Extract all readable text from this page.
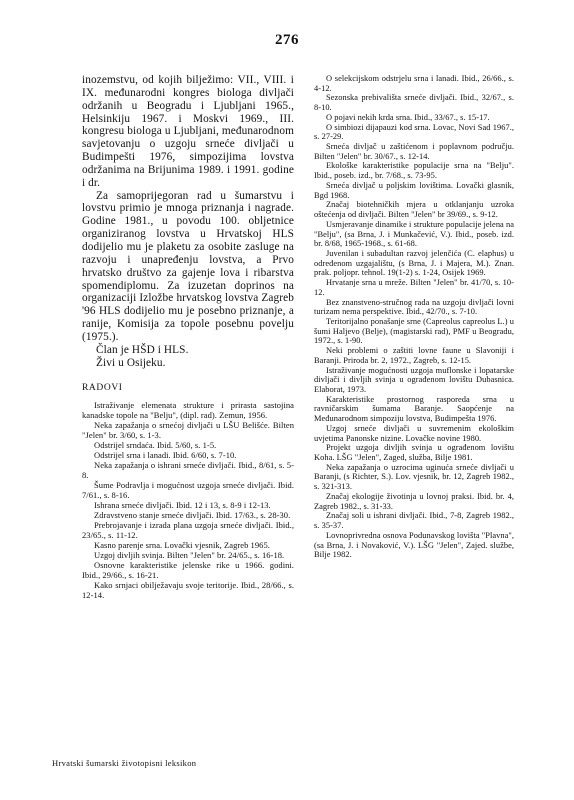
276

inozemstvu, od kojih bilježimo: VII., VIII. i IX. međunarodni kongres biologa divljači održanih u Beogradu i Ljubljani 1965., Helsinkiju 1967. i Moskvi 1969., III. kongresu biologa u Ljubljani, međunarodnom savjetovanju o uzgoju srneće divljači u Budimpešti 1976, simpozijima lovstva održanima na Brijunima 1989. i 1991. godine i dr.

Za samoprijegoran rad u šumarstvu i lovstvu primio je mnoga priznanja i nagrade. Godine 1981., u povodu 100. obljetnice organiziranog lovstva u Hrvatskoj HLS dodijelio mu je plaketu za osobite zasluge na razvoju i unapređenju lovstva, a Prvo hrvatsko društvo za gajenje lova i ribarstva spomendiplomu. Za izuzetan doprinos na organizaciji Izložbe hrvatskog lovstva Zagreb '96 HLS dodijelio mu je posebno priznanje, a ranije, Komisija za topole posebnu povelju (1975.).

Član je HŠD i HLS.

Živi u Osijeku.

RADOVI
Istraživanje elemenata strukture i prirasta sastojina kanadske topole na "Belju", (dipl. rad). Zemun, 1956.
Neka zapažanja o srnećoj divljači u LŠU Belišće. Bilten "Jelen" br. 3/60, s. 1-3.
Odstrijel srndaća. Ibid. 5/60, s. 1-5.
Odstrijel srna i lanadi. Ibid. 6/60, s. 7-10.
Neka zapažanja o ishrani srneće divljači. Ibid., 8/61, s. 5-8.
Šume Podravlja i mogućnost uzgoja srneće divljači. Ibid. 7/61., s. 8-16.
Ishrana srneće divljači. Ibid. 12 i 13, s. 8-9 i 12-13.
Zdravstveno stanje srneće divljači. Ibid. 17/63., s. 28-30.
Prebrojavanje i izrada plana uzgoja srneće divljači. Ibid., 23/65., s. 11-12.
Kasno parenje srna. Lovački vjesnik, Zagreb 1965.
Uzgoj divljih svinja. Bilten "Jelen" br. 24/65., s. 16-18.
Osnovne karakteristike jelenske rike u 1966. godini. Ibid., 29/66., s. 16-21.
Kako srnjaci obilježavaju svoje teritorije. Ibid., 28/66., s. 12-14.
O selekcijskom odstrjelu srna i lanadi. Ibid., 26/66., s. 4-12.
Sezonska prebivališta srneće divljači. Ibid., 32/67., s. 8-10.
O pojavi nekih krda srna. Ibid., 33/67., s. 15-17.
O simbiozi dijapauzi kod srna. Lovac, Novi Sad 1967., s. 27-29.
Srneća divljač u zaštićenom i poplavnom području. Bilten "Jelen" br. 30/67., s. 12-14.
Ekološke karakteristike populacije srna na "Belju". Ibid., poseb. izd., br. 7/68., s. 73-95.
Srneća divljač u poljskim lovištima. Lovački glasnik, Bgd 1968.
Značaj biotehničkih mjera u otklanjanju uzroka oštećenja od divljači. Bilten "Jelen" br 39/69., s. 9-12.
Usmjeravanje dinamike i strukture populacije jelena na "Belju", (sa Brna, J. i Munkačević, V.). Ibid., poseb. izd. br. 8/68, 1965-1968., s. 61-68.
Juvenilan i subadultan razvoj jelenčića (C. elaphus) u određenom uzgajalištu, (s Brna, J. i Majera, M.). Znan. prak. poljopr. tehnol. 19(1-2) s. 1-24, Osijek 1969.
Hrvatanje srna u mreže. Bilten "Jelen" br. 41/70, s. 10-12.
Bez znanstveno-stručnog rada na uzgoju divljači lovni turizam nema perspektive. Ibid., 42/70., s. 7-10.
Teritorijalno ponašanje srne (Capreolus capreolus L.) u šumi Haljevo (Belje), (magistarski rad), PMF u Beogradu, 1972., s. 1-90.
Neki problemi o zaštiti lovne faune u Slavoniji i Baranji. Priroda br. 2, 1972., Zagreb, s. 12-15.
Istraživanje mogućnosti uzgoja muflonske i lopatarske divljači i divljih svinja u ograđenom lovištu Dubasnica. Elaborat, 1973.
Karakteristike prostornog rasporeda srna u ravničarskim šumama Baranje. Saopćenje na Međunarodnom simpoziju lovstva, Budimpešta 1976.
Uzgoj srneće divljači u suvremenim ekološkim uvjetima Panonske nizine. Lovačke novine 1980.
Projekt uzgoja divljih svinja u ograđenom lovištu Koha. LŠG "Jelen", Zaged, služba, Bilje 1981.
Neka zapažanja o uzrocima uginuća srneće divljači u Baranji, (s Richter, S.). Lov. vjesnik, br. 12, Zagreb 1982., s. 321-313.
Značaj ekologije životinja u lovnoj praksi. Ibid. br. 4, Zagreb 1982., s. 31-33.
Značaj soli u ishrani divljači. Ibid., 7-8, Zagreb 1982., s. 35-37.
Lovnoprivredna osnova Podunavskog lovišta "Plavna", (sa Brna, J. i Novaković, V.). LŠG "Jelen", Zajed. službe, Bilje 1982.
Hrvatski šumarski životopisni leksikon
